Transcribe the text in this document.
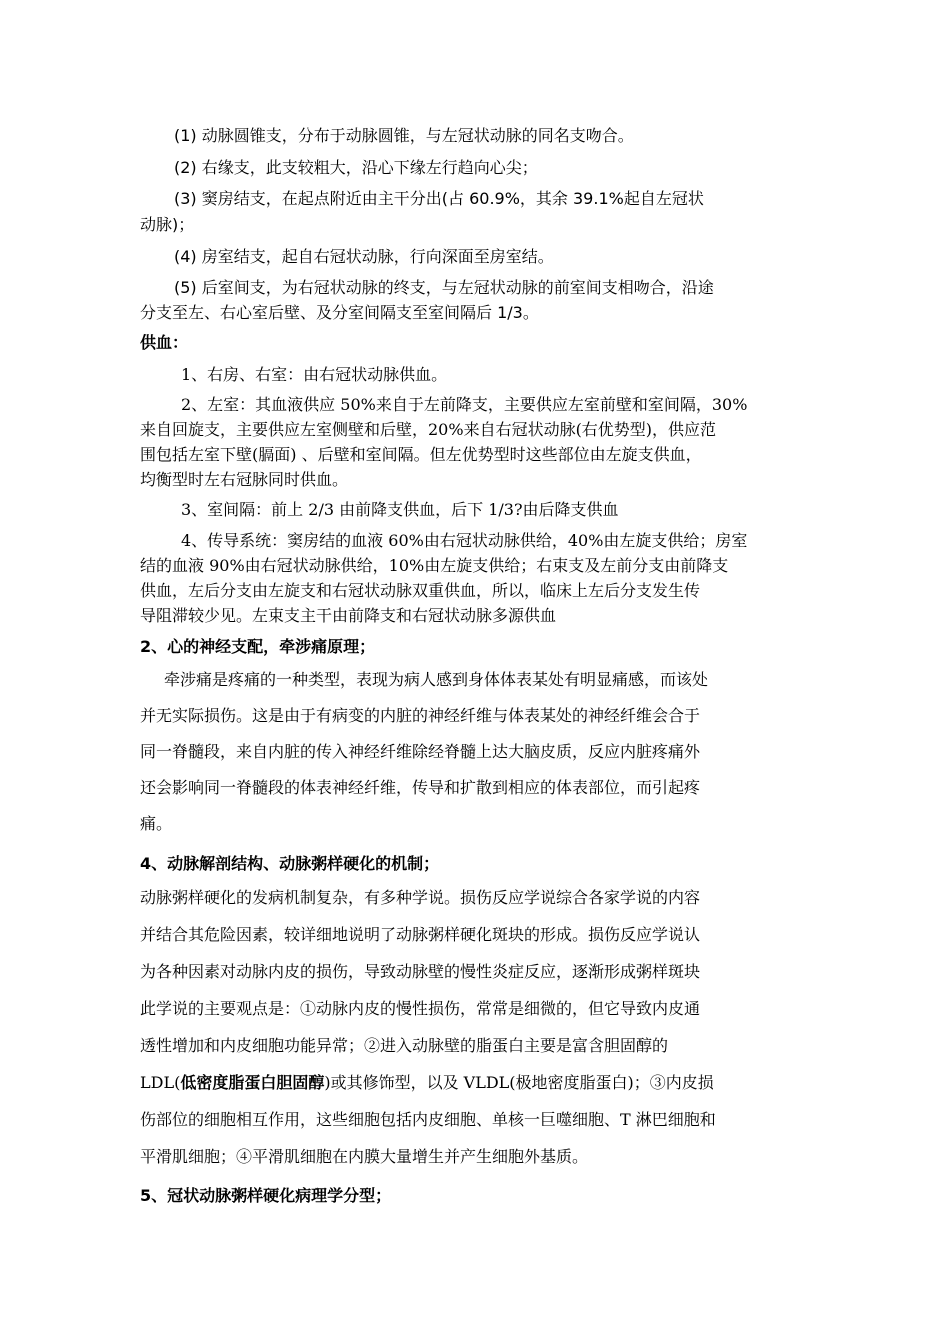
(1) 动脉圆锥支，分布于动脉圆锥，与左冠状动脉的同名支吻合。
(2) 右缘支，此支较粗大，沿心下缘左行趋向心尖；
(3) 窦房结支，在起点附近由主干分出(占 60.9%，其余 39.1%起自左冠状
动脉)；
(4) 房室结支，起自右冠状动脉，行向深面至房室结。
(5) 后室间支，为右冠状动脉的终支，与左冠状动脉的前室间支相吻合，沿途
分支至左、右心室后壁、及分室间隔支至室间隔后 1/3。
供血：
1、右房、右室：由右冠状动脉供血。
2、左室：其血液供应 50%来自于左前降支，主要供应左室前壁和室间隔，30%
来自回旋支，主要供应左室侧壁和后壁，20%来自右冠状动脉(右优势型)，供应范
围包括左室下壁(膈面) 、后壁和室间隔。但左优势型时这些部位由左旋支供血，
均衡型时左右冠脉同时供血。
3、室间隔：前上 2/3 由前降支供血，后下 1/3?由后降支供血
4、传导系统：窦房结的血液 60%由右冠状动脉供给，40%由左旋支供给；房室
结的血液 90%由右冠状动脉供给，10%由左旋支供给；右束支及左前分支由前降支
供血，左后分支由左旋支和右冠状动脉双重供血，所以，临床上左后分支发生传
导阻滞较少见。左束支主干由前降支和右冠状动脉多源供血
2、心的神经支配，牵涉痛原理；
牵涉痛是疼痛的一种类型，表现为病人感到身体体表某处有明显痛感，而该处
并无实际损伤。这是由于有病变的内脏的神经纤维与体表某处的神经纤维会合于
同一脊髓段，来自内脏的传入神经纤维除经脊髓上达大脑皮质，反应内脏疼痛外
还会影响同一脊髓段的体表神经纤维，传导和扩散到相应的体表部位，而引起疼
痛。
4、动脉解剖结构、动脉粥样硬化的机制；
动脉粥样硬化的发病机制复杂，有多种学说。损伤反应学说综合各家学说的内容
并结合其危险因素，较详细地说明了动脉粥样硬化斑块的形成。损伤反应学说认
为各种因素对动脉内皮的损伤，导致动脉壁的慢性炎症反应，逐渐形成粥样斑块
此学说的主要观点是：①动脉内皮的慢性损伤，常常是细微的，但它导致内皮通
透性增加和内皮细胞功能异常；②进入动脉壁的脂蛋白主要是富含胆固醇的
LDL(低密度脂蛋白胆固醇)或其修饰型，以及 VLDL(极地密度脂蛋白)；③内皮损
伤部位的细胞相互作用，这些细胞包括内皮细胞、单核一巨噬细胞、T 淋巴细胞和
平滑肌细胞；④平滑肌细胞在内膜大量增生并产生细胞外基质。
5、冠状动脉粥样硬化病理学分型；
